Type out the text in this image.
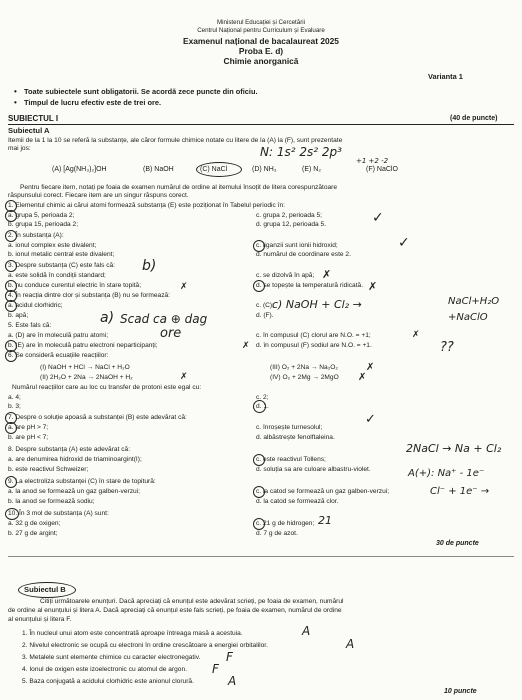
Ministerul Educației și Cercetării
Centrul Național pentru Curriculum și Evaluare
Examenul național de bacalaureat 2025
Proba E. d)
Chimie anorganică
Varianta 1
• Toate subiectele sunt obligatorii. Se acordă zece puncte din oficiu.
• Timpul de lucru efectiv este de trei ore.
SUBIECTUL I	(40 de puncte)
Subiectul A
Itemii de la 1 la 10 se referă la substanțe, ale căror formule chimice notate cu litere de la (A) la (F), sunt prezentate
mai jos:
(A) [Ag(NH₃)₂]OH	(B) NaOH	(C) NaCl	(D) NH₃	(E) N₂	(F) NaClO
N: 1s² 2s² 2p³
+1 +2 -2
Pentru fiecare item, notați pe foaia de examen numărul de ordine al itemului însoțit de litera corespunzătoare
răspunsului corect. Fiecare item are un singur răspuns corect.
1. Elementul chimic ai cărui atomi formează substanța (E) este poziționat în Tabelul periodic în:
a. grupa 5, perioada 2;
b. grupa 15, perioada 2;
c. grupa 2, perioada 5;
d. grupa 12, perioada 5.	✓
2. În substanța (A):
a. ionul complex este divalent;
b. ionul metalic central este divalent;
c. liganzii sunt ionii hidroxid;
d. numărul de coordinare este 2.
✓
3. Despre substanța (C) este fals că:
a. este solidă în condiții standard;
b. nu conduce curentul electric în stare topită;
c. se dizolvă în apă;
d. se topește la temperatură ridicată.
b)
✗
✗
✗
4. În reacția dintre clor și substanța (B) nu se formează:
a. acidul clorhidric;
b. apă;
c. (C);
d. (F).
a) Scad ca ⊕ dag
c) NaOH + Cl₂ →	NaCl+H₂O
+NaClO
5. Este fals că:
a. (D) are în moleculă patru atomi;
b. (E) are în moleculă patru electroni neparticipanți;
c. în compusul (C) clorul are N.O. = +1;
d. în compusul (F) sodiul are N.O. = +1.
ore
??
✗
✗
6. Se consideră ecuațiile reacțiilor:
(I) NaOH + HCl → NaCl + H₂O
(II) 2H₂O + 2Na → 2NaOH + H₂
(III) O₂ + 2Na → Na₂O₂
(IV) O₂ + 2Mg → 2MgO
✗
✗
✗
Numărul reacțiilor care au loc cu transfer de protoni este egal cu:
a. 4;
b. 3;
c. 2;
d. 1.
7. Despre o soluție apoasă a substanței (B) este adevărat că:
a. are pH > 7;
b. are pH < 7;
c. înroșește turnesolul;
d. albăstrește fenolftaleina.
✓
8. Despre substanța (A) este adevărat că:
a. are denumirea hidroxid de triaminoargint(I);
b. este reactivul Schweizer;
c. este reactivul Tollens;
d. soluția sa are culoare albastru-violet.
2NaCl → Na + Cl₂
9. La electroliza substanței (C) în stare de topitură:
a. la anod se formează un gaz galben-verzui;
b. la anod se formează sodiu;
c. la catod se formează un gaz galben-verzui;
d. la catod se formează clor.
A(+): Na⁺ - 1e⁻
Cl⁻ + 1e⁻ →
10. În 3 mol de substanța (A) sunt:
a. 32 g de oxigen;
b. 27 g de argint;
c. 21 g de hidrogen;
d. 7 g de azot.
21
30 de puncte
Subiectul B
Citiți următoarele enunțuri. Dacă apreciați că enunțul este adevărat scrieți, pe foaia de examen, numărul
de ordine al enunțului și litera A. Dacă apreciați că enunțul este fals scrieți, pe foaia de examen, numărul de ordine
al enunțului și litera F.
1. În nucleul unui atom este concentrată aproape întreaga masă a acestuia.	A
2. Nivelul electronic se ocupă cu electroni în ordine crescătoare a energiei orbitalilor.	A
3. Metalele sunt elemente chimice cu caracter electronegativ. F
4. Ionul de oxigen este izoelectronic cu atomul de argon. F
5. Baza conjugată a acidului clorhidric este anionul clorură.	A
10 puncte
